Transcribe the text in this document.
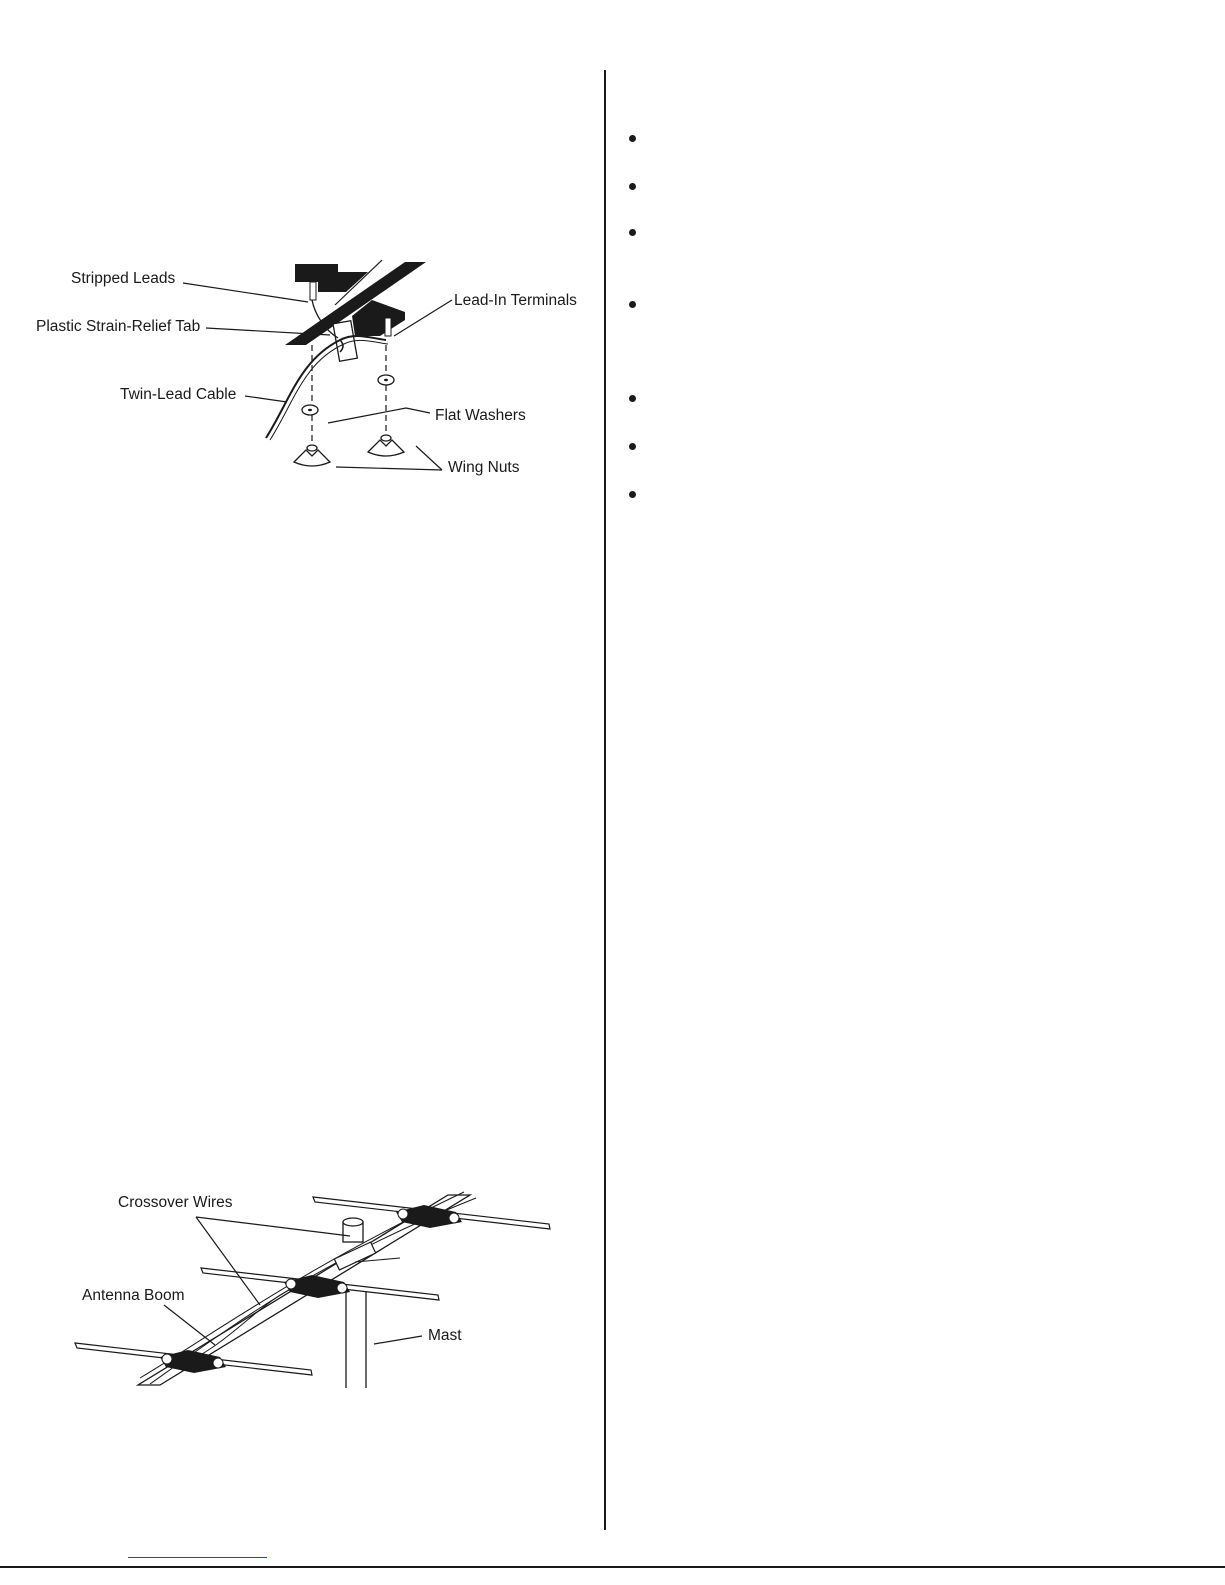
Stripped Leads
Plastic Strain-Relief Tab
Twin-Lead Cable
Lead-In Terminals
Flat Washers
Wing Nuts
Crossover Wires
Antenna Boom
Mast
